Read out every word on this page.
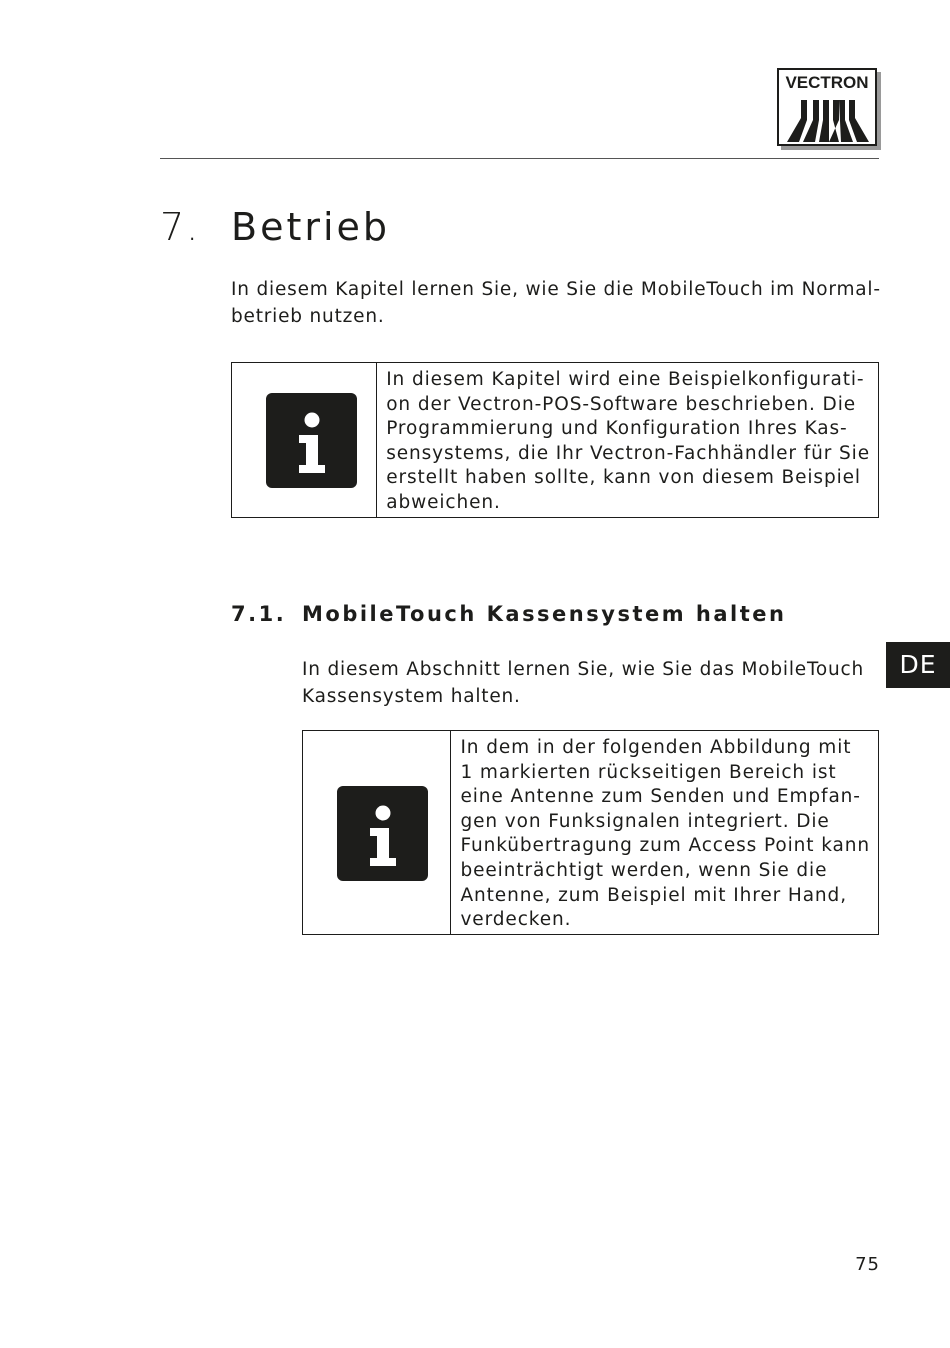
VECTRON
7. Betrieb

In diesem Kapitel lernen Sie, wie Sie die MobileTouch im Normal-
betrieb nutzen.

In diesem Kapitel wird eine Beispielkonfigurati-
on der Vectron-POS-Software beschrieben. Die
Programmierung und Konfiguration Ihres Kas-
sensystems, die Ihr Vectron-Fachhändler für Sie
erstellt haben sollte, kann von diesem Beispiel
abweichen.

7.1. MobileTouch Kassensystem halten
DE

In diesem Abschnitt lernen Sie, wie Sie das MobileTouch
Kassensystem halten.

In dem in der folgenden Abbildung mit
1 markierten rückseitigen Bereich ist
eine Antenne zum Senden und Empfan-
gen von Funksignalen integriert. Die
Funkübertragung zum Access Point kann
beeinträchtigt werden, wenn Sie die
Antenne, zum Beispiel mit Ihrer Hand,
verdecken.

75
